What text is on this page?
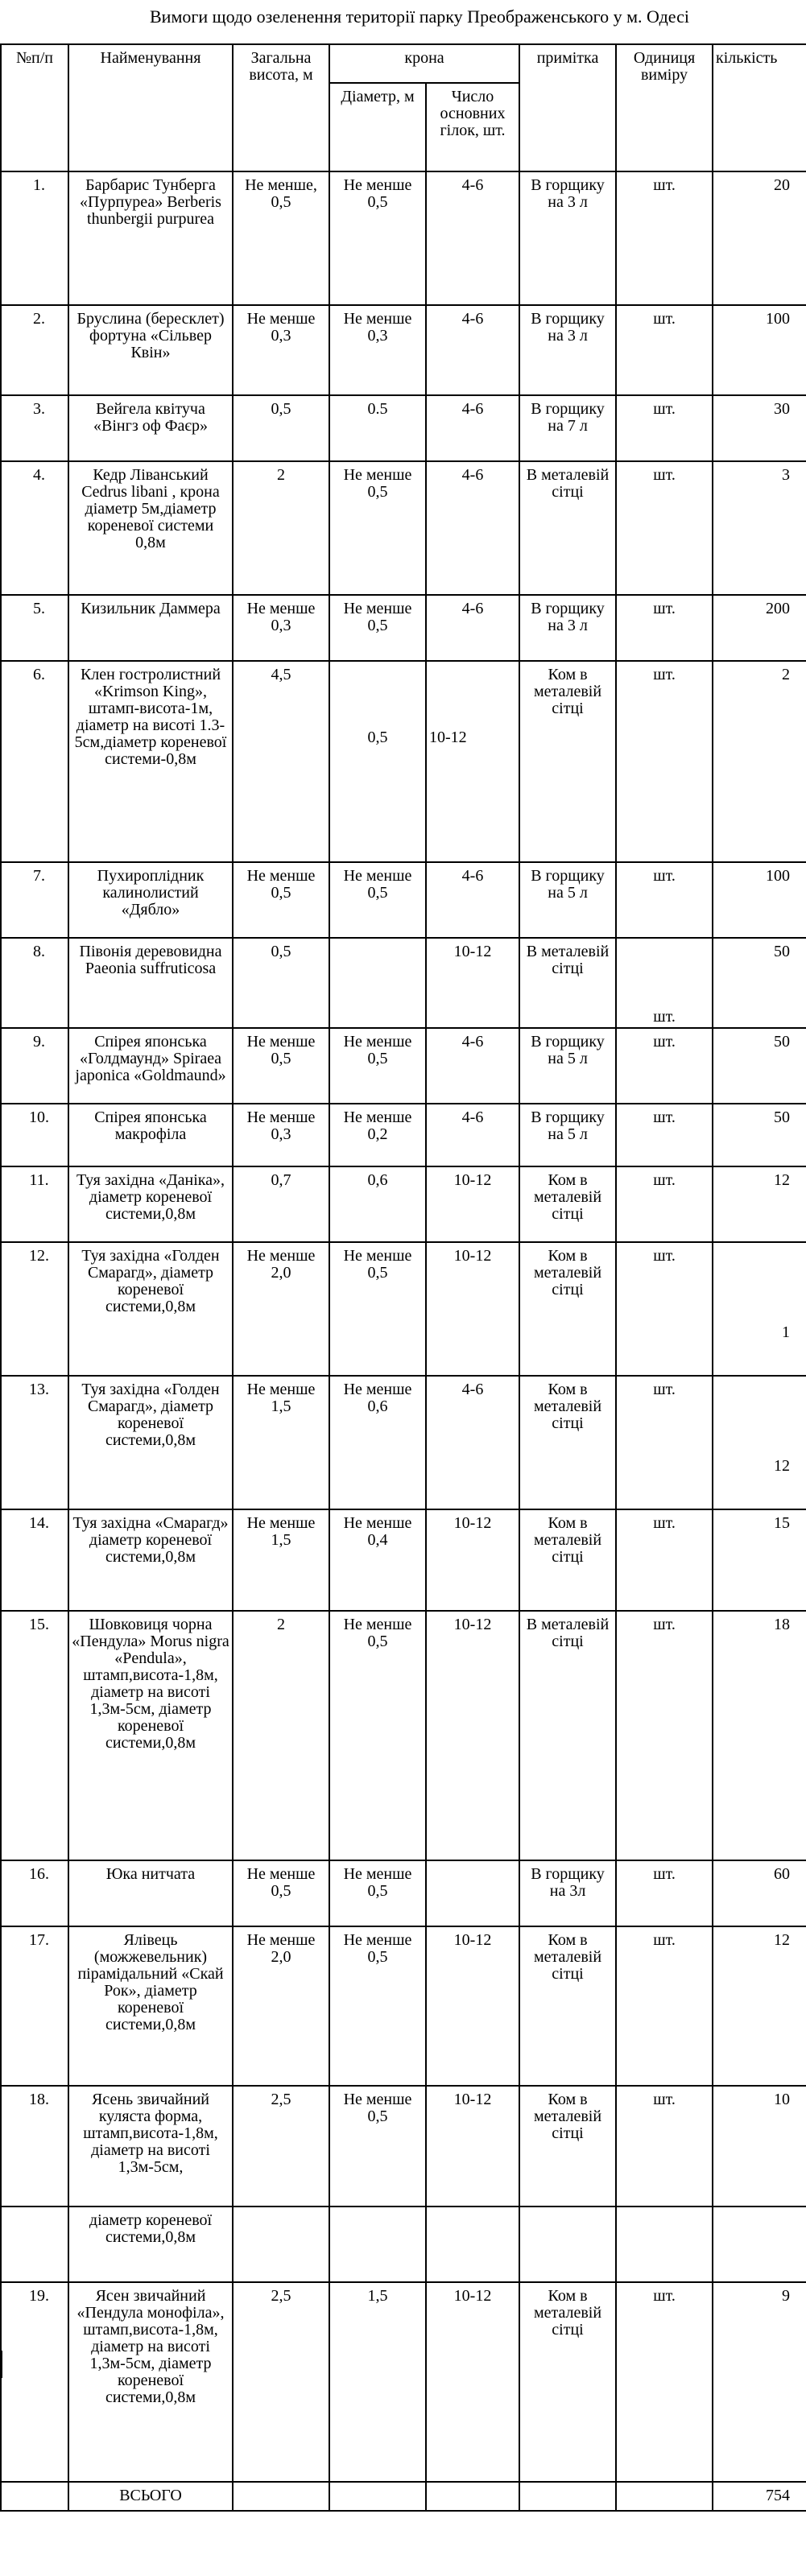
Вимоги щодо озеленення території парку Преображенського у м. Одесі
№п/п	Найменування	Загальна висота, м	крона		примітка	Одиниця виміру	кількість
			Діаметр, м	Число основних гілок, шт.			
1.	Барбарис Тунберга «Пурпуреа» Berberis thunbergii purpurea	Не менше, 0,5	Не менше 0,5	4-6	В горщику на 3 л	шт.	20
2.	Бруслина (бересклет) фортуна «Сільвер Квін»	Не менше 0,3	Не менше 0,3	4-6	В горщику на 3 л	шт.	100
3.	Вейгела квітуча «Вінгз оф Фаєр»	0,5	0.5	4-6	В горщику на 7 л	шт.	30
4.	Кедр Ліванський Cedrus libani , крона діаметр 5м,діаметр кореневої системи 0,8м	2	Не менше 0,5	4-6	В металевій сітці	шт.	3
5.	Кизильник Даммера	Не менше 0,3	Не менше 0,5	4-6	В горщику на 3 л	шт.	200
6.	Клен гостролистний «Krimson King», штамп-висота-1м, діаметр на висоті 1.3-5см,діаметр кореневої системи-0,8м	4,5	0,5	10-12	Ком в металевій сітці	шт.	2
7.	Пухироплідник калинолистий «Дябло»	Не менше 0,5	Не менше 0,5	4-6	В горщику на 5 л	шт.	100
8.	Півонія деревовидна Paeonia suffruticosa	0,5		10-12	В металевій сітці	шт.	50
9.	Спірея японська «Голдмаунд» Spiraea japonica «Goldmaund»	Не менше 0,5	Не менше 0,5	4-6	В горщику на 5 л	шт.	50
10.	Спірея японська макрофіла	Не менше 0,3	Не менше 0,2	4-6	В горщику на 5 л	шт.	50
11.	Туя західна «Даніка», діаметр кореневої системи,0,8м	0,7	0,6	10-12	Ком в металевій сітці	шт.	12
12.	Туя західна «Голден Смарагд», діаметр кореневої системи,0,8м	Не менше 2,0	Не менше 0,5	10-12	Ком в металевій сітці	шт.	1
13.	Туя західна «Голден Смарагд», діаметр кореневої системи,0,8м	Не менше 1,5	Не менше 0,6	4-6	Ком в металевій сітці	шт.	12
14.	Туя західна «Смарагд» діаметр кореневої системи,0,8м	Не менше 1,5	Не менше 0,4	10-12	Ком в металевій сітці	шт.	15
15.	Шовковиця чорна «Пендула» Morus nigra «Pendula», штамп,висота-1,8м, діаметр на висоті 1,3м-5см, діаметр кореневої системи,0,8м	2	Не менше 0,5	10-12	В металевій сітці	шт.	18
16.	Юка нитчата	Не менше 0,5	Не менше 0,5		В горщику на 3л	шт.	60
17.	Ялівець (можжевельник) пірамідальний «Скай Рок», діаметр кореневої системи,0,8м	Не менше 2,0	Не менше 0,5	10-12	Ком в металевій сітці	шт.	12
18.	Ясень звичайний кулястa форма, штамп,висота-1,8м, діаметр на висоті 1,3м-5см,	2,5	Не менше 0,5	10-12	Ком в металевій сітці	шт.	10
	діаметр кореневої системи,0,8м						
19.	Ясен звичайний «Пендула монофіла», штамп,висота-1,8м, діаметр на висоті 1,3м-5см, діаметр кореневої системи,0,8м	2,5	1,5	10-12	Ком в металевій сітці	шт.	9
	ВСЬОГО						754
